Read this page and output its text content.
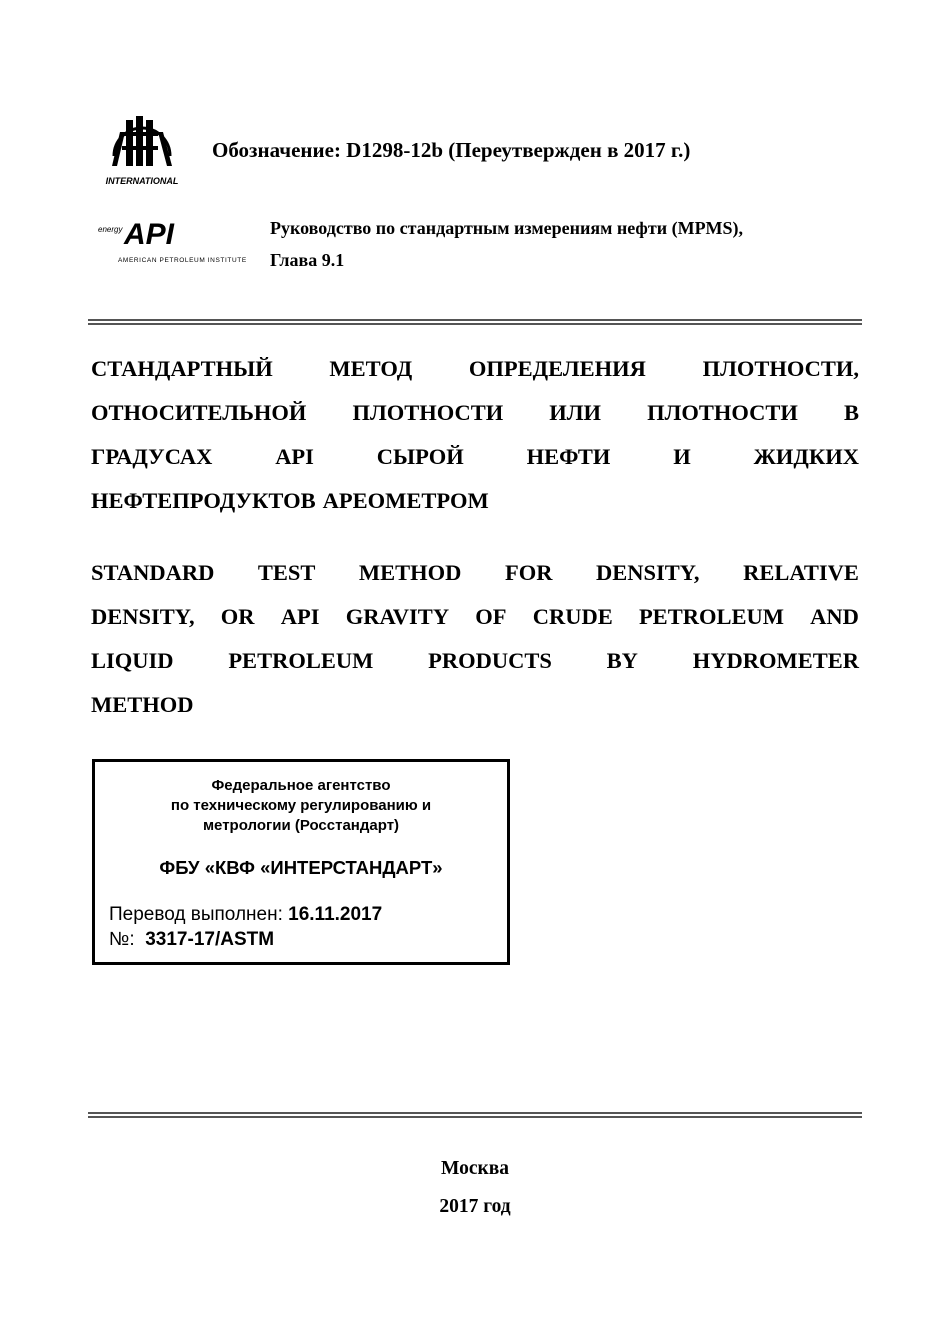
INTERNATIONAL
Обозначение: D1298-12b (Переутвержден в 2017 г.)
energy API
AMERICAN PETROLEUM INSTITUTE
Руководство по стандартным измерениям нефти (MPMS),
Глава 9.1
СТАНДАРТНЫЙ	МЕТОД	ОПРЕДЕЛЕНИЯ	ПЛОТНОСТИ,
ОТНОСИТЕЛЬНОЙ ПЛОТНОСТИ ИЛИ ПЛОТНОСТИ В
ГРАДУСАХ	API	СЫРОЙ	НЕФТИ	И	ЖИДКИХ
НЕФТЕПРОДУКТОВ АРЕОМЕТРОМ
STANDARD TEST METHOD FOR DENSITY, RELATIVE
DENSITY, OR API GRAVITY OF CRUDE PETROLEUM AND
LIQUID PETROLEUM PRODUCTS BY HYDROMETER
METHOD
Федеральное агентство
по техническому регулированию и
метрологии (Росстандарт)
ФБУ «КВФ «ИНТЕРСТАНДАРТ»
Перевод выполнен: 16.11.2017
№: 3317-17/ASTM
Москва
2017 год
